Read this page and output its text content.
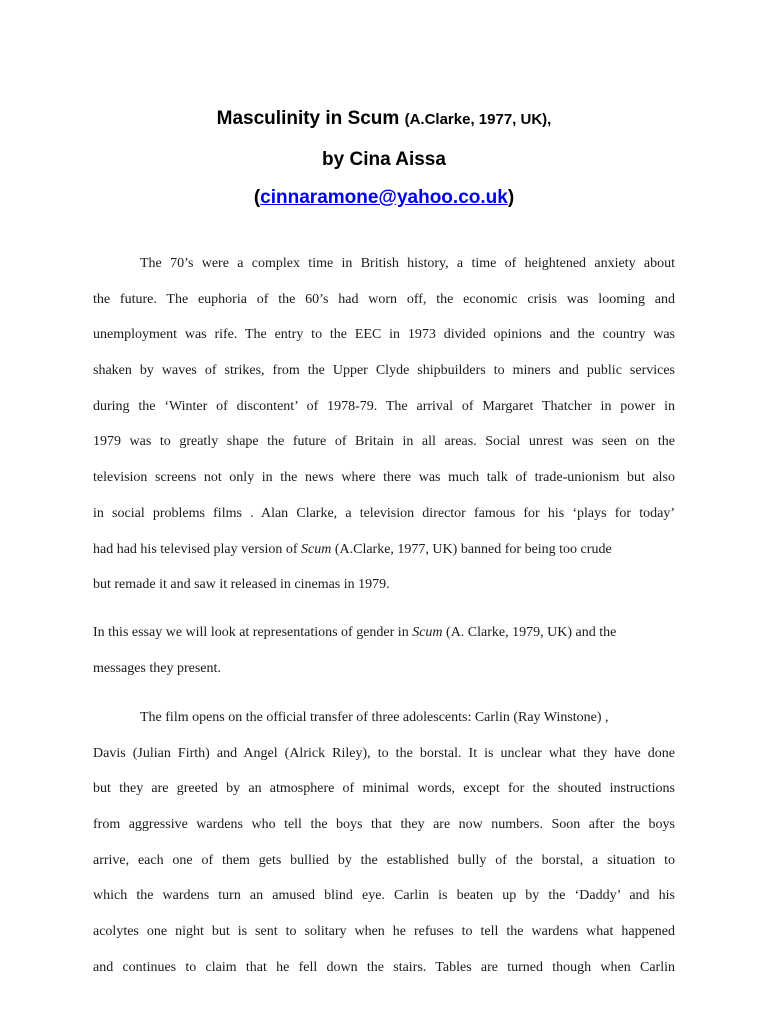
Masculinity in Scum (A.Clarke, 1977, UK),
by Cina Aissa
(cinnaramone@yahoo.co.uk)
The 70’s were a complex time in British history, a time of heightened anxiety about
the future. The euphoria of the 60’s had worn off, the economic crisis was looming and
unemployment was rife. The entry to the EEC in 1973 divided opinions and the country was
shaken by waves of strikes, from the Upper Clyde shipbuilders to miners and public services
during the ‘Winter of discontent’ of 1978-79. The arrival of Margaret Thatcher in power in
1979 was to greatly shape the future of Britain in all areas. Social unrest was seen on the
television screens not only in the news where there was much talk of trade-unionism but also
in social problems films . Alan Clarke, a television director famous for his ‘plays for today’
had had his televised play version of Scum (A.Clarke, 1977, UK) banned for being too crude
but remade it and saw it released in cinemas in 1979.
In this essay we will look at representations of gender in Scum (A. Clarke, 1979, UK) and the
messages they present.
The film opens on the official transfer of three adolescents: Carlin (Ray Winstone) ,
Davis (Julian Firth) and Angel (Alrick Riley), to the borstal. It is unclear what they have done
but they are greeted by an atmosphere of minimal words, except for the shouted instructions
from aggressive wardens who tell the boys that they are now numbers. Soon after the boys
arrive, each one of them gets bullied by the established bully of the borstal, a situation to
which the wardens turn an amused blind eye. Carlin is beaten up by the ‘Daddy’ and his
acolytes one night but is sent to solitary when he refuses to tell the wardens what happened
and continues to claim that he fell down the stairs. Tables are turned though when Carlin
